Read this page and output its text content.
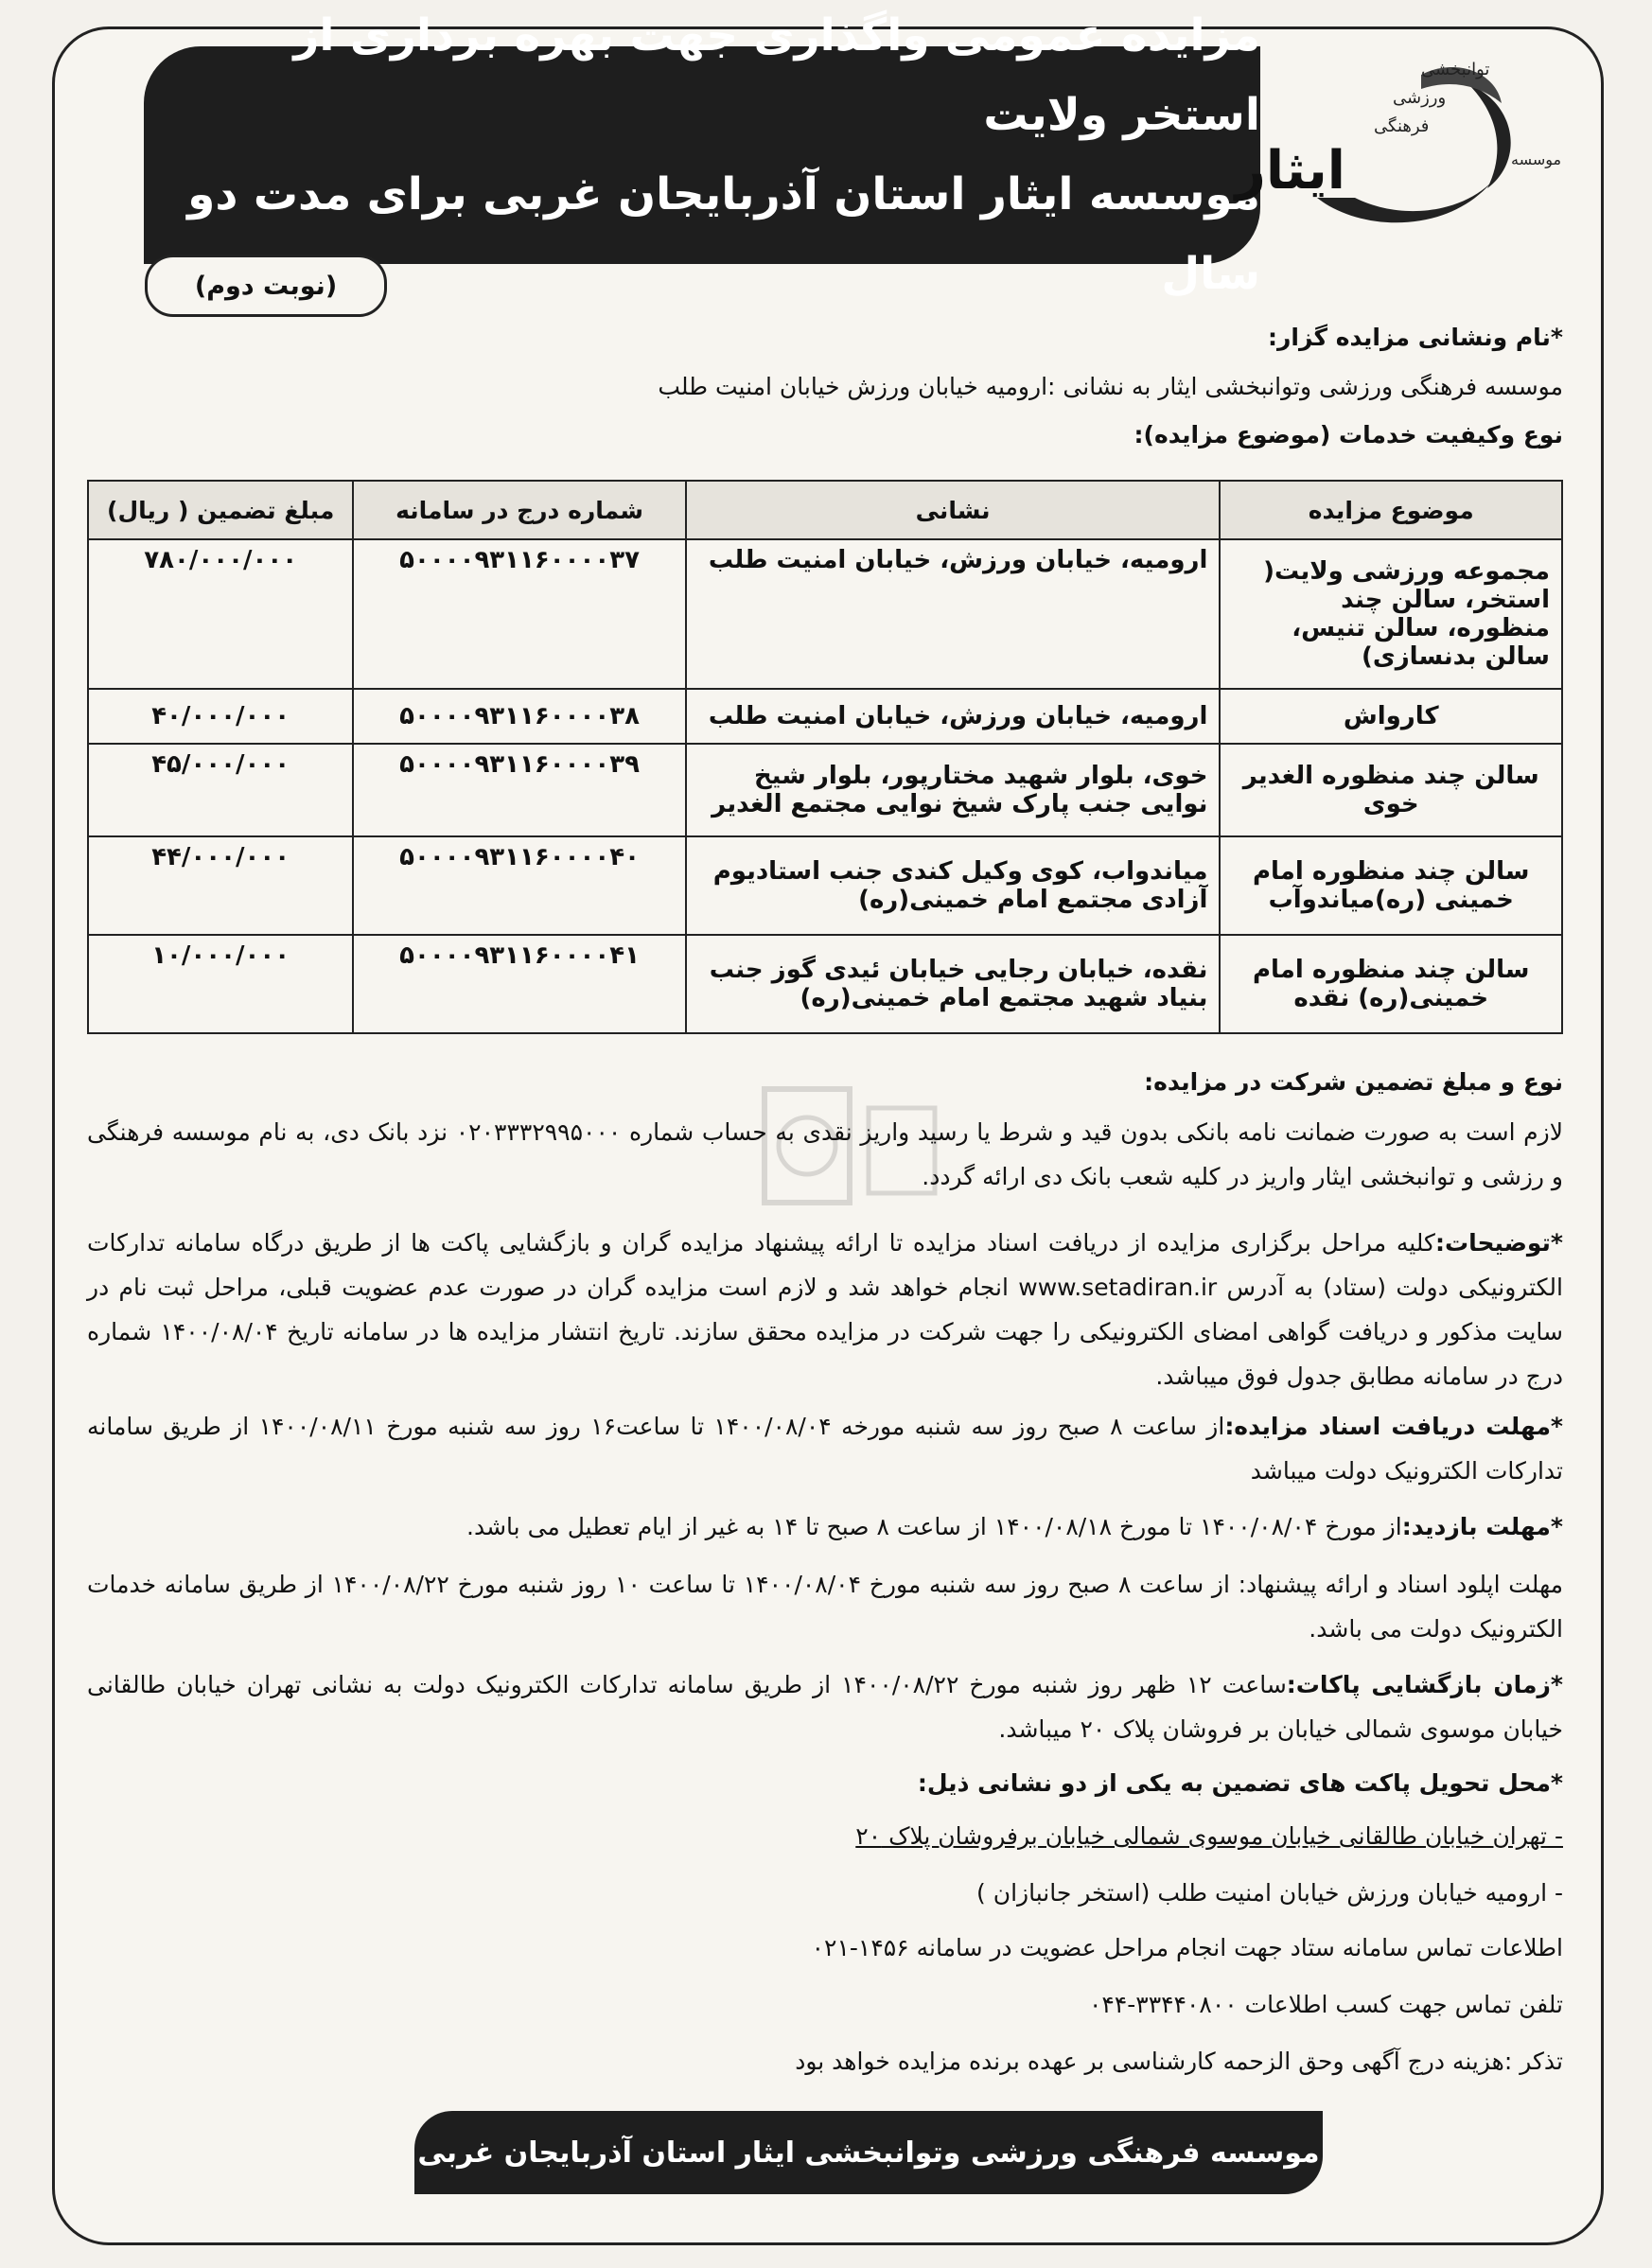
مزایده عمومی واگذاری جهت بهره برداری از استخر ولایت
موسسه ایثار استان آذربایجان غربی برای مدت دو سال
ایثار
توانبخشی
ورزشی
فرهنگی
موسسه
(نوبت دوم)
*نام ونشانی مزایده گزار:
موسسه فرهنگی ورزشی وتوانبخشی ایثار به نشانی :ارومیه خیابان ورزش خیابان امنیت طلب
نوع وکیفیت خدمات (موضوع مزایده):
موضوع مزایده	نشانی	شماره درج در سامانه	مبلغ تضمین ( ریال)
مجموعه ورزشی ولایت( استخر، سالن چند منظوره، سالن تنیس، سالن بدنسازی)	ارومیه، خیابان ورزش، خیابان امنیت طلب	۵۰۰۰۰۹۳۱۱۶۰۰۰۰۳۷	۷۸۰/۰۰۰/۰۰۰
کارواش	ارومیه، خیابان ورزش، خیابان امنیت طلب	۵۰۰۰۰۹۳۱۱۶۰۰۰۰۳۸	۴۰/۰۰۰/۰۰۰
سالن چند منظوره الغدیر خوی	خوی، بلوار شهید مختارپور، بلوار شیخ نوایی جنب پارک شیخ نوایی مجتمع الغدیر	۵۰۰۰۰۹۳۱۱۶۰۰۰۰۳۹	۴۵/۰۰۰/۰۰۰
سالن چند منظوره امام خمینی (ره)میاندوآب	میاندواب، کوی وکیل کندی جنب استادیوم آزادی مجتمع امام خمینی(ره)	۵۰۰۰۰۹۳۱۱۶۰۰۰۰۴۰	۴۴/۰۰۰/۰۰۰
سالن چند منظوره امام خمینی(ره) نقده	نقده، خیابان رجایی خیابان ئیدی گوز جنب بنیاد شهید مجتمع امام خمینی(ره)	۵۰۰۰۰۹۳۱۱۶۰۰۰۰۴۱	۱۰/۰۰۰/۰۰۰
نوع و مبلغ تضمین شرکت در مزایده:
لازم است به صورت ضمانت نامه بانکی بدون قید و شرط یا رسید واریز نقدی به حساب شماره ۰۲۰۳۳۳۲۹۹۵۰۰۰ نزد بانک دی، به نام موسسه فرهنگی و رزشی و توانبخشی ایثار واریز در کلیه شعب بانک دی ارائه گردد.
*توضیحات:کلیه مراحل برگزاری مزایده از دریافت اسناد مزایده تا ارائه پیشنهاد مزایده گران و بازگشایی پاکت ها از طریق درگاه سامانه تدارکات الکترونیکی دولت (ستاد) به آدرس www.setadiran.ir انجام خواهد شد و لازم است مزایده گران در صورت عدم عضویت قبلی، مراحل ثبت نام در سایت مذکور و دریافت گواهی امضای الکترونیکی را جهت شرکت در مزایده محقق سازند. تاریخ انتشار مزایده ها در سامانه تاریخ ۱۴۰۰/۰۸/۰۴ شماره درج در سامانه مطابق جدول فوق میباشد.
*مهلت دریافت اسناد مزایده:از ساعت ۸ صبح روز سه شنبه مورخه ۱۴۰۰/۰۸/۰۴ تا ساعت۱۶ روز سه شنبه مورخ ۱۴۰۰/۰۸/۱۱ از طریق سامانه تدارکات الکترونیک دولت میباشد
*مهلت بازدید:از مورخ ۱۴۰۰/۰۸/۰۴ تا مورخ ۱۴۰۰/۰۸/۱۸ از ساعت ۸ صبح تا ۱۴ به غیر از ایام تعطیل می باشد.
مهلت اپلود اسناد و ارائه پیشنهاد: از ساعت ۸ صبح روز سه شنبه مورخ ۱۴۰۰/۰۸/۰۴ تا ساعت ۱۰ روز شنبه مورخ ۱۴۰۰/۰۸/۲۲ از طریق سامانه خدمات الکترونیک دولت می باشد.
*زمان بازگشایی پاکات:ساعت ۱۲ ظهر روز شنبه مورخ ۱۴۰۰/۰۸/۲۲ از طریق سامانه تدارکات الکترونیک دولت به نشانی تهران خیابان طالقانی خیابان موسوی شمالی خیابان بر فروشان پلاک ۲۰ میباشد.
*محل تحویل پاکت های تضمین به یکی از دو نشانی ذیل:
- تهران خیابان طالقانی خیابان موسوی شمالی خیابان برفروشان پلاک ۲۰
- ارومیه خیابان ورزش خیابان امنیت طلب (استخر جانبازان )
اطلاعات تماس سامانه ستاد جهت انجام مراحل عضویت در سامانه ۱۴۵۶-۰۲۱
تلفن تماس جهت کسب اطلاعات ۳۳۴۴۰۸۰۰-۰۴۴
تذکر :هزینه درج آگهی وحق الزحمه کارشناسی بر عهده برنده مزایده خواهد بود
موسسه فرهنگی ورزشی وتوانبخشی ایثار استان آذربایجان غربی
